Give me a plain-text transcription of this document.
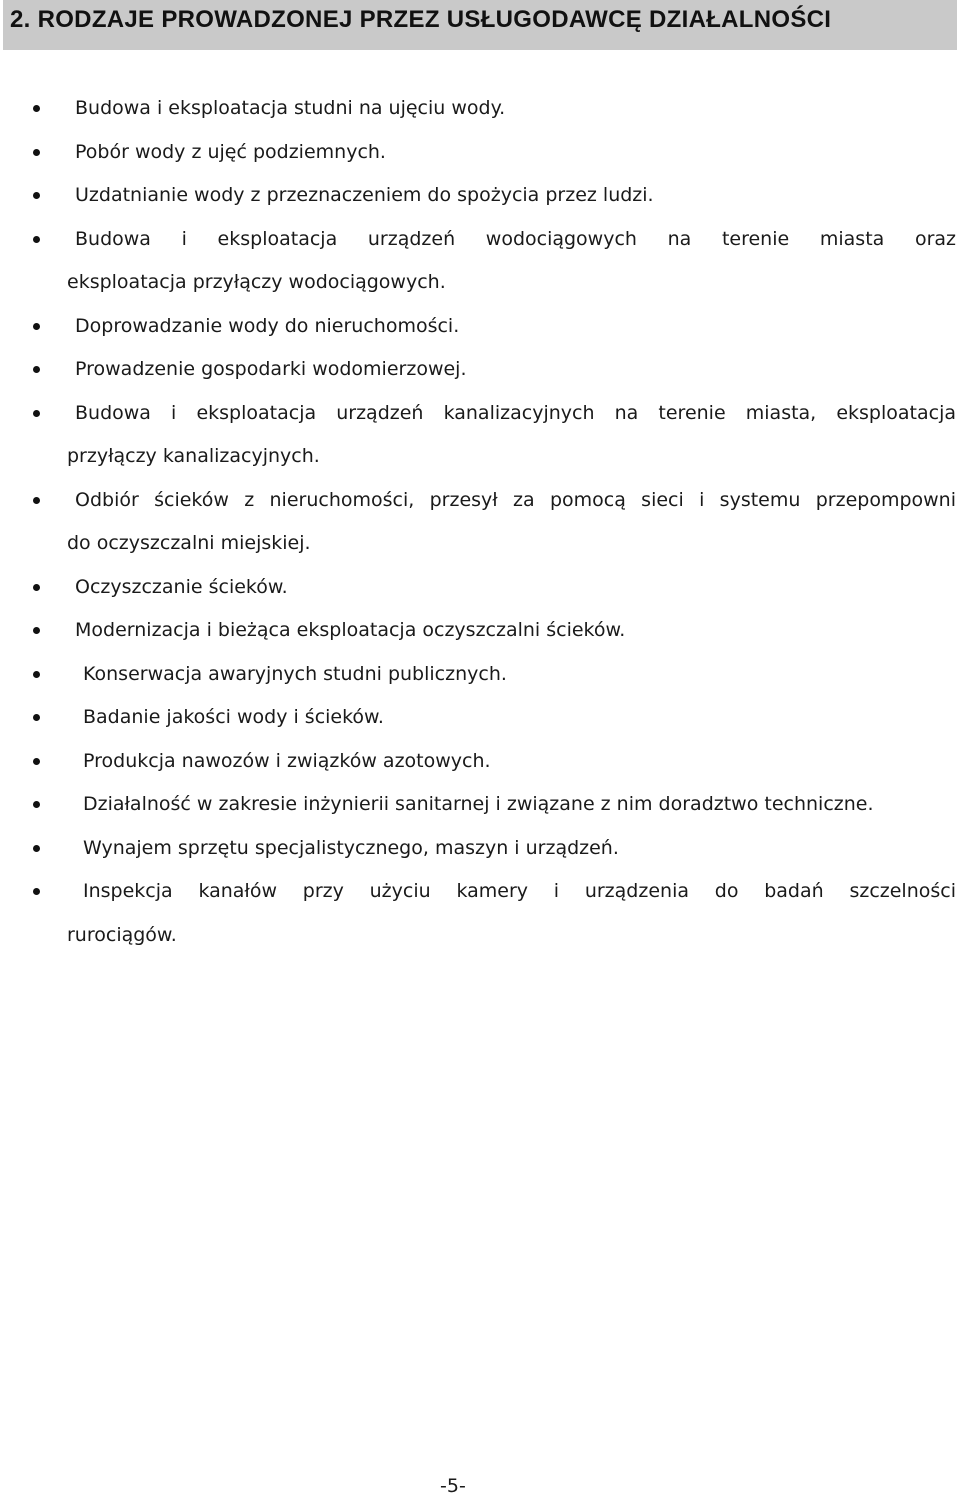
2. RODZAJE PROWADZONEJ PRZEZ USŁUGODAWCĘ DZIAŁALNOŚCI
Budowa i eksploatacja studni na ujęciu wody.
Pobór wody z ujęć podziemnych.
Uzdatnianie wody z przeznaczeniem do spożycia przez ludzi.
Budowa i eksploatacja urządzeń wodociągowych na terenie miasta oraz
eksploatacja przyłączy wodociągowych.
Doprowadzanie wody do nieruchomości.
Prowadzenie gospodarki wodomierzowej.
Budowa i eksploatacja urządzeń kanalizacyjnych na terenie miasta, eksploatacja
przyłączy kanalizacyjnych.
Odbiór ścieków z nieruchomości, przesył za pomocą sieci i systemu przepompowni
do oczyszczalni miejskiej.
Oczyszczanie ścieków.
Modernizacja i bieżąca eksploatacja oczyszczalni ścieków.
Konserwacja awaryjnych studni publicznych.
Badanie jakości wody i ścieków.
Produkcja nawozów i związków azotowych.
Działalność w zakresie inżynierii sanitarnej i związane z nim doradztwo techniczne.
Wynajem sprzętu specjalistycznego, maszyn i urządzeń.
Inspekcja kanałów przy użyciu kamery i urządzenia do badań szczelności
rurociągów.
-5-
